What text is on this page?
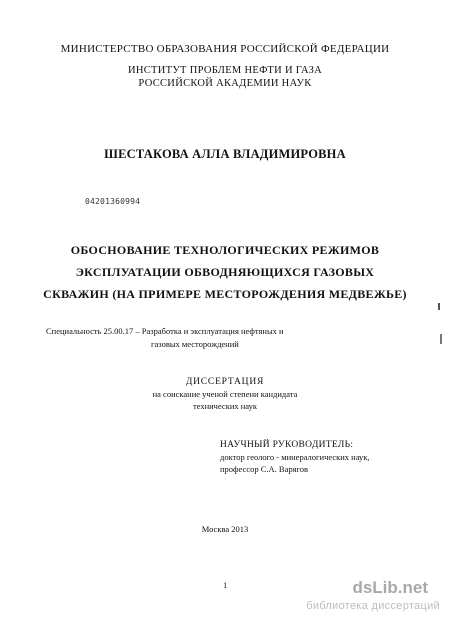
МИНИСТЕРСТВО ОБРАЗОВАНИЯ РОССИЙСКОЙ ФЕДЕРАЦИИ
ИНСТИТУТ ПРОБЛЕМ НЕФТИ И ГАЗА
РОССИЙСКОЙ АКАДЕМИИ НАУК
ШЕСТАКОВА АЛЛА ВЛАДИМИРОВНА
04201360994
ОБОСНОВАНИЕ ТЕХНОЛОГИЧЕСКИХ РЕЖИМОВ
ЭКСПЛУАТАЦИИ ОБВОДНЯЮЩИХСЯ ГАЗОВЫХ
СКВАЖИН (НА ПРИМЕРЕ МЕСТОРОЖДЕНИЯ МЕДВЕЖЬЕ)
Специальность 25.00.17 – Разработка и эксплуатация нефтяных и
газовых месторождений
ДИССЕРТАЦИЯ
на соискание ученой степени кандидата
технических наук
НАУЧНЫЙ РУКОВОДИТЕЛЬ:
доктор геолого - минералогических наук,
профессор С.А. Варягов
Москва 2013
1	dsLib.net
библиотека диссертаций
